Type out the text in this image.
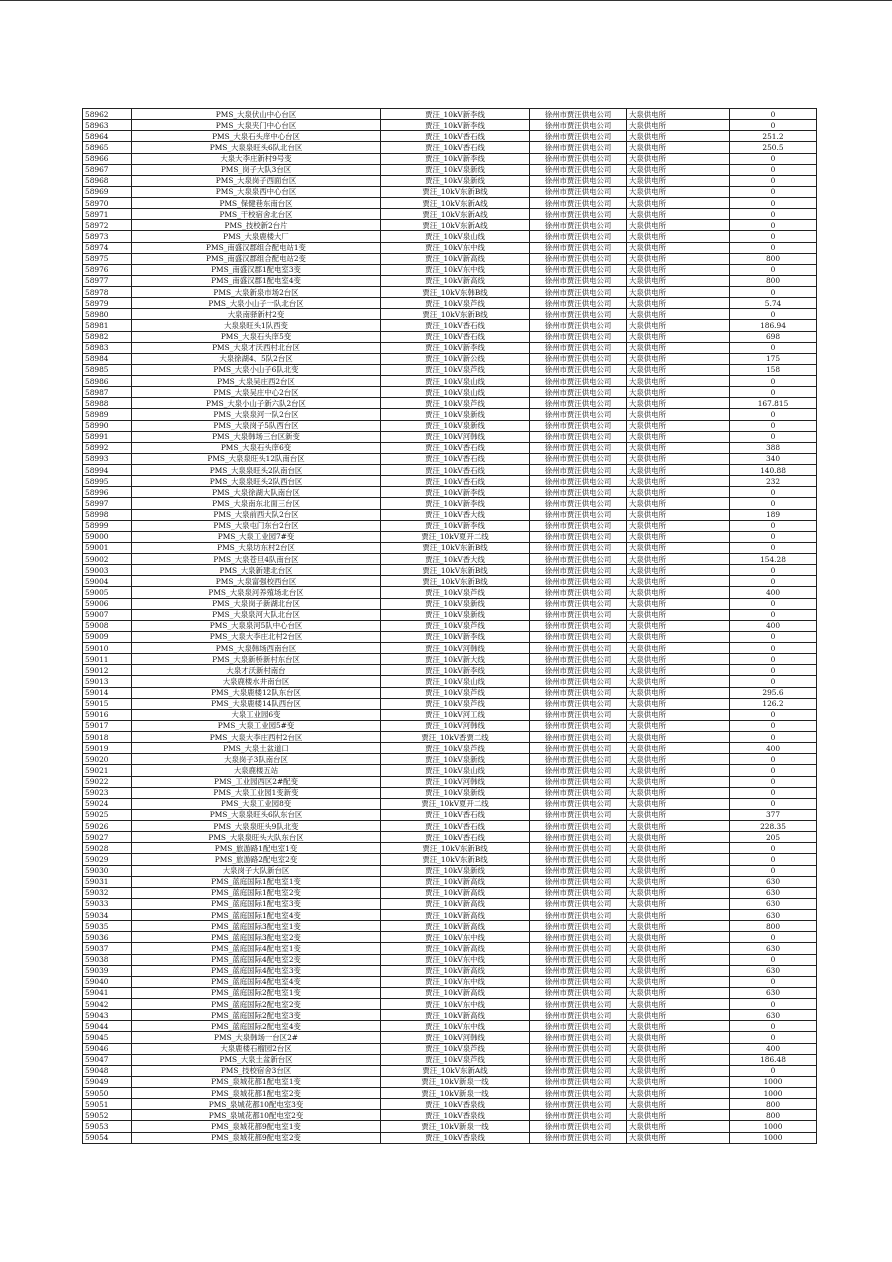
58962	PMS_大泉伏山中心台区	贾汪_10kV新李线	徐州市贾汪供电公司	大泉供电所	0
58963	PMS_大泉夹门中心台区	贾汪_10kV新李线	徐州市贾汪供电公司	大泉供电所	0
58964	PMS_大泉石头庠中心台区	贾汪_10kV香石线	徐州市贾汪供电公司	大泉供电所	251.2
58965	PMS_大泉泉旺头6队北台区	贾汪_10kV香石线	徐州市贾汪供电公司	大泉供电所	250.5
58966	大泉大李庄新村9号变	贾汪_10kV新李线	徐州市贾汪供电公司	大泉供电所	0
58967	PMS_岗子大队3台区	贾汪_10kV泉新线	徐州市贾汪供电公司	大泉供电所	0
58968	PMS_大泉岗子西面台区	贾汪_10kV泉新线	徐州市贾汪供电公司	大泉供电所	0
58969	PMS_大泉泉西中心台区	贾汪_10kV东新B线	徐州市贾汪供电公司	大泉供电所	0
58970	PMS_保健巷东南台区	贾汪_10kV东新A线	徐州市贾汪供电公司	大泉供电所	0
58971	PMS_干校宿舍北台区	贾汪_10kV东新A线	徐州市贾汪供电公司	大泉供电所	0
58972	PMS_技校新2台片	贾汪_10kV东新A线	徐州市贾汪供电公司	大泉供电所	0
58973	PMS_大泉鹿楼大厂	贾汪_10kV泉山线	徐州市贾汪供电公司	大泉供电所	0
58974	PMS_南盛汉郡组合配电站1变	贾汪_10kV东中线	徐州市贾汪供电公司	大泉供电所	0
58975	PMS_南盛汉郡组合配电站2变	贾汪_10kV新高线	徐州市贾汪供电公司	大泉供电所	800
58976	PMS_南盛汉郡1配电室3变	贾汪_10kV东中线	徐州市贾汪供电公司	大泉供电所	0
58977	PMS_南盛汉郡1配电室4变	贾汪_10kV新高线	徐州市贾汪供电公司	大泉供电所	800
58978	PMS_大泉新泉市场2台区	贾汪_10kV东韩B线	徐州市贾汪供电公司	大泉供电所	0
58979	PMS_大泉小山子一队北台区	贾汪_10kV泉芦线	徐州市贾汪供电公司	大泉供电所	5.74
58980	大泉南驿新村2变	贾汪_10kV东新B线	徐州市贾汪供电公司	大泉供电所	0
58981	大泉泉旺头1队西变	贾汪_10kV香石线	徐州市贾汪供电公司	大泉供电所	186.94
58982	PMS_大泉石头庠5变	贾汪_10kV香石线	徐州市贾汪供电公司	大泉供电所	698
58983	PMS_大泉才沃西村北台区	贾汪_10kV新李线	徐州市贾汪供电公司	大泉供电所	0
58984	大泉徐湖4、5队2台区	贾汪_10kV新公线	徐州市贾汪供电公司	大泉供电所	175
58985	PMS_大泉小山子6队北变	贾汪_10kV泉芦线	徐州市贾汪供电公司	大泉供电所	158
58986	PMS_大泉吴庄西2台区	贾汪_10kV泉山线	徐州市贾汪供电公司	大泉供电所	0
58987	PMS_大泉吴庄中心2台区	贾汪_10kV泉山线	徐州市贾汪供电公司	大泉供电所	0
58988	PMS_大泉小山子新六队2台区	贾汪_10kV泉芦线	徐州市贾汪供电公司	大泉供电所	167.815
58989	PMS_大泉泉河一队2台区	贾汪_10kV泉新线	徐州市贾汪供电公司	大泉供电所	0
58990	PMS_大泉岗子5队西台区	贾汪_10kV泉新线	徐州市贾汪供电公司	大泉供电所	0
58991	PMS_大泉韩场三台区新变	贾汪_10kV河韩线	徐州市贾汪供电公司	大泉供电所	0
58992	PMS_大泉石头庠6变	贾汪_10kV香石线	徐州市贾汪供电公司	大泉供电所	388
58993	PMS_大泉泉旺头12队南台区	贾汪_10kV香石线	徐州市贾汪供电公司	大泉供电所	340
58994	PMS_大泉泉旺头2队南台区	贾汪_10kV香石线	徐州市贾汪供电公司	大泉供电所	140.88
58995	PMS_大泉泉旺头2队西台区	贾汪_10kV香石线	徐州市贾汪供电公司	大泉供电所	232
58996	PMS_大泉徐湖大队南台区	贾汪_10kV新李线	徐州市贾汪供电公司	大泉供电所	0
58997	PMS_大泉南东北面三台区	贾汪_10kV新李线	徐州市贾汪供电公司	大泉供电所	0
58998	PMS_大泉前西大队2台区	贾汪_10kV香大线	徐州市贾汪供电公司	大泉供电所	189
58999	PMS_大泉屯门东台2台区	贾汪_10kV新李线	徐州市贾汪供电公司	大泉供电所	0
59000	PMS_大泉工业园7#变	贾汪_10kV夏开二线	徐州市贾汪供电公司	大泉供电所	0
59001	PMS_大泉坊东村2台区	贾汪_10kV东新B线	徐州市贾汪供电公司	大泉供电所	0
59002	PMS_大泉苍旦4队南台区	贾汪_10kV香大线	徐州市贾汪供电公司	大泉供电所	154.28
59003	PMS_大泉新建北台区	贾汪_10kV东新B线	徐州市贾汪供电公司	大泉供电所	0
59004	PMS_大泉富强校西台区	贾汪_10kV东新B线	徐州市贾汪供电公司	大泉供电所	0
59005	PMS_大泉泉河养殖场北台区	贾汪_10kV泉芦线	徐州市贾汪供电公司	大泉供电所	400
59006	PMS_大泉岗子新湖北台区	贾汪_10kV泉新线	徐州市贾汪供电公司	大泉供电所	0
59007	PMS_大泉泉河大队北台区	贾汪_10kV泉新线	徐州市贾汪供电公司	大泉供电所	0
59008	PMS_大泉泉河5队中心台区	贾汪_10kV泉芦线	徐州市贾汪供电公司	大泉供电所	400
59009	PMS_大泉大李庄北村2台区	贾汪_10kV新李线	徐州市贾汪供电公司	大泉供电所	0
59010	PMS_大泉韩场西南台区	贾汪_10kV河韩线	徐州市贾汪供电公司	大泉供电所	0
59011	PMS_大泉新桥新村东台区	贾汪_10kV新大线	徐州市贾汪供电公司	大泉供电所	0
59012	大泉才沃新村南台	贾汪_10kV新李线	徐州市贾汪供电公司	大泉供电所	0
59013	大泉鹿楼水井南台区	贾汪_10kV泉山线	徐州市贾汪供电公司	大泉供电所	0
59014	PMS_大泉鹿楼12队东台区	贾汪_10kV泉芦线	徐州市贾汪供电公司	大泉供电所	295.6
59015	PMS_大泉鹿楼14队西台区	贾汪_10kV泉芦线	徐州市贾汪供电公司	大泉供电所	126.2
59016	大泉工业园6变	贾汪_10kV河工线	徐州市贾汪供电公司	大泉供电所	0
59017	PMS_大泉工业园5#变	贾汪_10kV河韩线	徐州市贾汪供电公司	大泉供电所	0
59018	PMS_大泉大李庄西村2台区	贾汪_10kV香贾二线	徐州市贾汪供电公司	大泉供电所	0
59019	PMS_大泉土盆道口	贾汪_10kV泉芦线	徐州市贾汪供电公司	大泉供电所	400
59020	大泉岗子3队南台区	贾汪_10kV泉新线	徐州市贾汪供电公司	大泉供电所	0
59021	大泉鹿楼五站	贾汪_10kV泉山线	徐州市贾汪供电公司	大泉供电所	0
59022	PMS_工业园西区2#配变	贾汪_10kV河韩线	徐州市贾汪供电公司	大泉供电所	0
59023	PMS_大泉工业园1变新变	贾汪_10kV泉新线	徐州市贾汪供电公司	大泉供电所	0
59024	PMS_大泉工业园8变	贾汪_10kV夏开二线	徐州市贾汪供电公司	大泉供电所	0
59025	PMS_大泉泉旺头6队东台区	贾汪_10kV香石线	徐州市贾汪供电公司	大泉供电所	377
59026	PMS_大泉泉旺头9队北变	贾汪_10kV香石线	徐州市贾汪供电公司	大泉供电所	228.35
59027	PMS_大泉泉旺头大队东台区	贾汪_10kV香石线	徐州市贾汪供电公司	大泉供电所	205
59028	PMS_旅游路1配电室1变	贾汪_10kV东新B线	徐州市贾汪供电公司	大泉供电所	0
59029	PMS_旅游路2配电室2变	贾汪_10kV东新B线	徐州市贾汪供电公司	大泉供电所	0
59030	大泉岗子大队新台区	贾汪_10kV泉新线	徐州市贾汪供电公司	大泉供电所	0
59031	PMS_蓝庭国际1配电室1变	贾汪_10kV新高线	徐州市贾汪供电公司	大泉供电所	630
59032	PMS_蓝庭国际1配电室2变	贾汪_10kV新高线	徐州市贾汪供电公司	大泉供电所	630
59033	PMS_蓝庭国际1配电室3变	贾汪_10kV新高线	徐州市贾汪供电公司	大泉供电所	630
59034	PMS_蓝庭国际1配电室4变	贾汪_10kV新高线	徐州市贾汪供电公司	大泉供电所	630
59035	PMS_蓝庭国际3配电室1变	贾汪_10kV新高线	徐州市贾汪供电公司	大泉供电所	800
59036	PMS_蓝庭国际3配电室2变	贾汪_10kV东中线	徐州市贾汪供电公司	大泉供电所	0
59037	PMS_蓝庭国际4配电室1变	贾汪_10kV新高线	徐州市贾汪供电公司	大泉供电所	630
59038	PMS_蓝庭国际4配电室2变	贾汪_10kV东中线	徐州市贾汪供电公司	大泉供电所	0
59039	PMS_蓝庭国际4配电室3变	贾汪_10kV新高线	徐州市贾汪供电公司	大泉供电所	630
59040	PMS_蓝庭国际4配电室4变	贾汪_10kV东中线	徐州市贾汪供电公司	大泉供电所	0
59041	PMS_蓝庭国际2配电室1变	贾汪_10kV新高线	徐州市贾汪供电公司	大泉供电所	630
59042	PMS_蓝庭国际2配电室2变	贾汪_10kV东中线	徐州市贾汪供电公司	大泉供电所	0
59043	PMS_蓝庭国际2配电室3变	贾汪_10kV新高线	徐州市贾汪供电公司	大泉供电所	630
59044	PMS_蓝庭国际2配电室4变	贾汪_10kV东中线	徐州市贾汪供电公司	大泉供电所	0
59045	PMS_大泉韩场一台区2#	贾汪_10kV河韩线	徐州市贾汪供电公司	大泉供电所	0
59046	大泉鹿楼石榴园2台区	贾汪_10kV泉芦线	徐州市贾汪供电公司	大泉供电所	400
59047	PMS_大泉土盆新台区	贾汪_10kV泉芦线	徐州市贾汪供电公司	大泉供电所	186.48
59048	PMS_技校宿舍3台区	贾汪_10kV东新A线	徐州市贾汪供电公司	大泉供电所	0
59049	PMS_泉城花都1配电室1变	贾汪_10kV新泉一线	徐州市贾汪供电公司	大泉供电所	1000
59050	PMS_泉城花都1配电室2变	贾汪_10kV新泉一线	徐州市贾汪供电公司	大泉供电所	1000
59051	PMS_泉城花都10配电室3变	贾汪_10kV香泉线	徐州市贾汪供电公司	大泉供电所	800
59052	PMS_泉城花都10配电室2变	贾汪_10kV香泉线	徐州市贾汪供电公司	大泉供电所	800
59053	PMS_泉城花都9配电室1变	贾汪_10kV新泉一线	徐州市贾汪供电公司	大泉供电所	1000
59054	PMS_泉城花都9配电室2变	贾汪_10kV香泉线	徐州市贾汪供电公司	大泉供电所	1000
